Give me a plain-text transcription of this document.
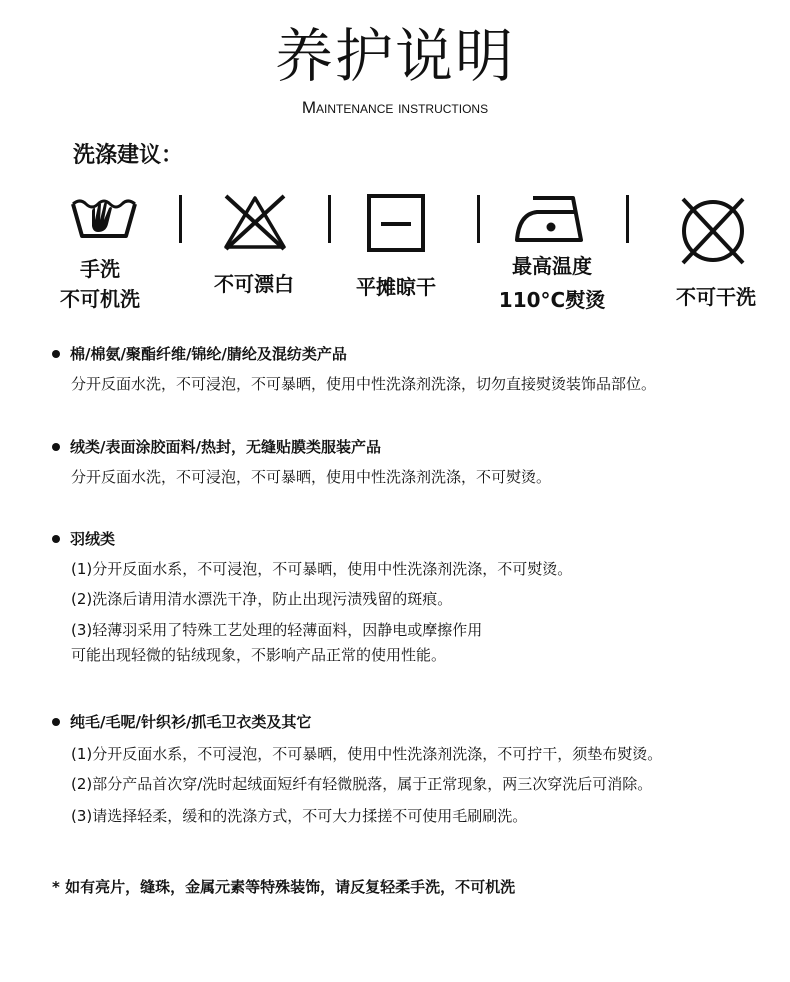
养护说明
Maintenance instructions
洗涤建议：
手洗
不可机洗
不可漂白	平摊晾干
最高温度
110°C熨烫	不可干洗
棉/棉氨/聚酯纤维/锦纶/腈纶及混纺类产品
分开反面水洗，不可浸泡，不可暴晒，使用中性洗涤剂洗涤，切勿直接熨烫装饰品部位。
绒类/表面涂胶面料/热封，无缝贴膜类服装产品
分开反面水洗，不可浸泡，不可暴晒，使用中性洗涤剂洗涤，不可熨烫。
羽绒类
(1)分开反面水系，不可浸泡，不可暴晒，使用中性洗涤剂洗涤，不可熨烫。
(2)洗涤后请用清水漂洗干净，防止出现污渍残留的斑痕。
(3)轻薄羽采用了特殊工艺处理的轻薄面料，因静电或摩擦作用
可能出现轻微的钻绒现象，不影响产品正常的使用性能。
纯毛/毛呢/针织衫/抓毛卫衣类及其它
(1)分开反面水系，不可浸泡，不可暴晒，使用中性洗涤剂洗涤，不可拧干，须垫布熨烫。
(2)部分产品首次穿/洗时起绒面短纤有轻微脱落，属于正常现象，两三次穿洗后可消除。
(3)请选择轻柔，缓和的洗涤方式，不可大力揉搓不可使用毛刷刷洗。
* 如有亮片，缝珠，金属元素等特殊装饰，请反复轻柔手洗，不可机洗
